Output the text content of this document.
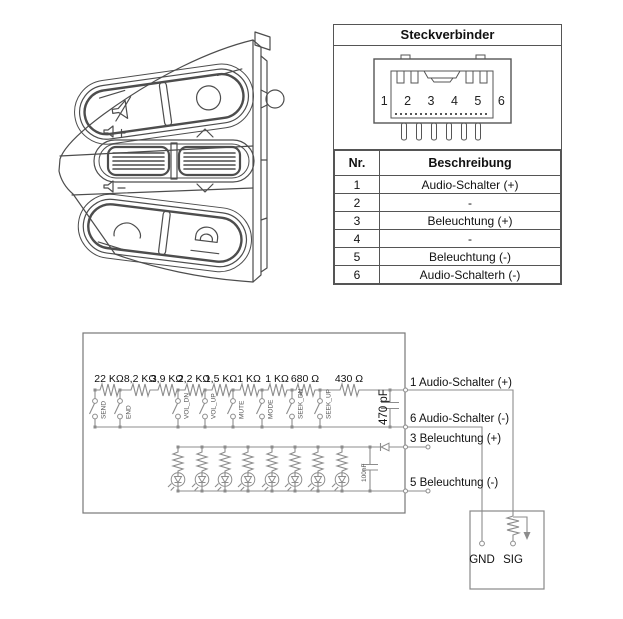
Steckverbinder
1 2 3 4 5 6
Nr.	Beschreibung
1	Audio-Schalter (+)
2	-
3	Beleuchtung (+)
4	-
5	Beleuchtung (-)
6	Audio-Schalterh (-)
22 KΩ 8,2 KΩ
3,9 KΩ
2,2 KΩ
1,5 KΩ 1 KΩ 1 KΩ 680 Ω 430 Ω
SEND	END	VOL_DN	VOL_UP	MUTE	MODE	SEEK_DN	SEEK_UP	470 pF
100nF
1 Audio-Schalter (+)
6 Audio-Schalter (-)
3 Beleuchtung (+)
5 Beleuchtung (-)
GND SIG
